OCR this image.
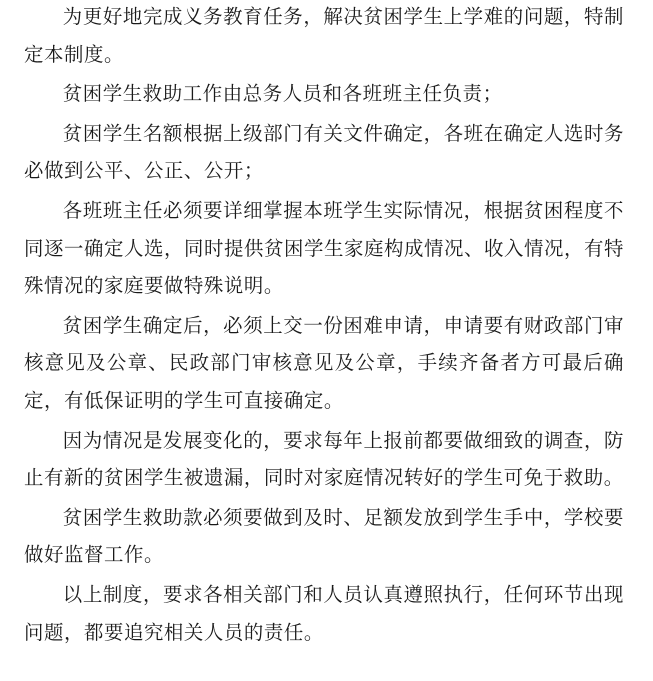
为更好地完成义务教育任务，解决贫困学生上学难的问题，特制定本制度。

贫困学生救助工作由总务人员和各班班主任负责；

贫困学生名额根据上级部门有关文件确定，各班在确定人选时务必做到公平、公正、公开；

各班班主任必须要详细掌握本班学生实际情况，根据贫困程度不同逐一确定人选，同时提供贫困学生家庭构成情况、收入情况，有特殊情况的家庭要做特殊说明。

贫困学生确定后，必须上交一份困难申请，申请要有财政部门审核意见及公章、民政部门审核意见及公章，手续齐备者方可最后确定，有低保证明的学生可直接确定。

因为情况是发展变化的，要求每年上报前都要做细致的调查，防止有新的贫困学生被遗漏，同时对家庭情况转好的学生可免于救助。

贫困学生救助款必须要做到及时、足额发放到学生手中，学校要做好监督工作。

以上制度，要求各相关部门和人员认真遵照执行，任何环节出现问题，都要追究相关人员的责任。
